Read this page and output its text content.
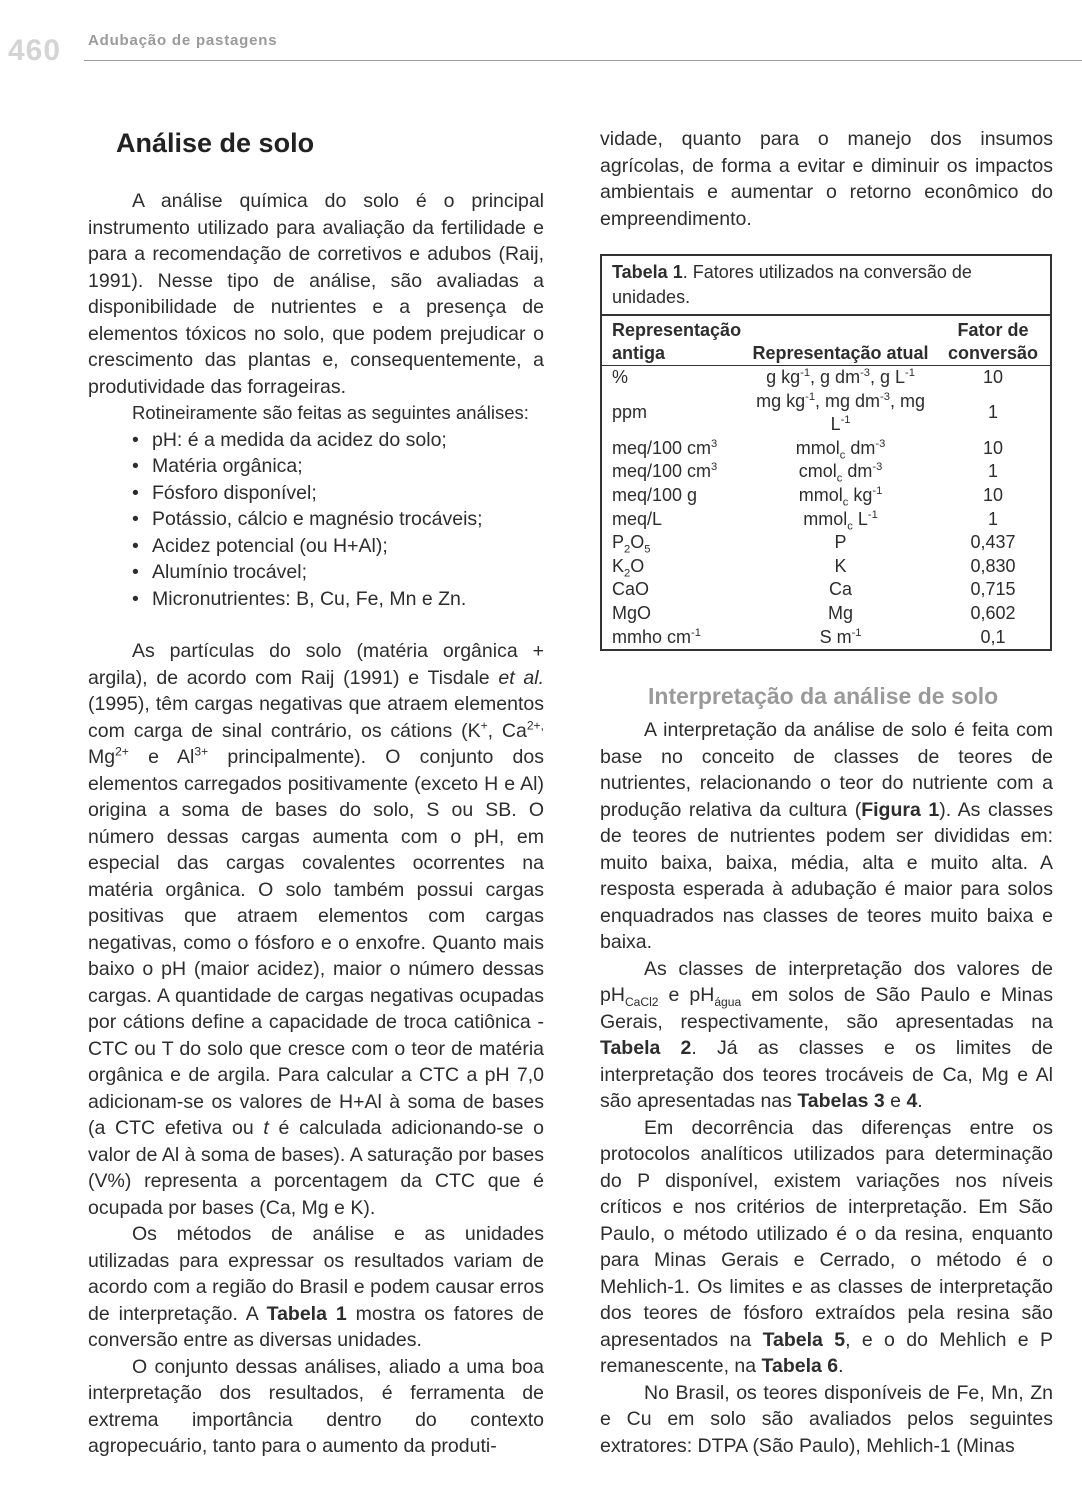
460 Adubação de pastagens
Análise de solo

A análise química do solo é o principal instrumento utilizado para avaliação da fertilidade e para a recomendação de corretivos e adubos (Raij, 1991). Nesse tipo de análise, são avaliadas a disponibilidade de nutrientes e a presença de elementos tóxicos no solo, que podem prejudicar o crescimento das plantas e, consequentemente, a produtividade das forrageiras.

Rotineiramente são feitas as seguintes análises:

• pH: é a medida da acidez do solo;
• Matéria orgânica;
• Fósforo disponível;
• Potássio, cálcio e magnésio trocáveis;
• Acidez potencial (ou H+Al);
• Alumínio trocável;
• Micronutrientes: B, Cu, Fe, Mn e Zn.

As partículas do solo (matéria orgânica + argila), de acordo com Raij (1991) e Tisdale et al. (1995), têm cargas negativas que atraem elementos com carga de sinal contrário, os cátions (K+, $Ca^{2+,}$ $Mg^{2+}$ e $Al^{3+}$ principalmente). O conjunto dos elementos carregados positivamente (exceto H e Al) origina a soma de bases do solo, S ou SB. O número dessas cargas aumenta com o pH, em especial das cargas covalentes ocorrentes na matéria orgânica. O solo também possui cargas positivas que atraem elementos com cargas negativas, como o fósforo e o enxofre. Quanto mais baixo o pH (maior acidez), maior o número dessas cargas. A quantidade de cargas negativas ocupadas por cátions define a capacidade de troca catiônica - CTC ou T do solo que cresce com o teor de matéria orgânica e de argila. Para calcular a CTC a pH 7,0 adicionam-se os valores de H+Al à soma de bases (a CTC efetiva ou t é calculada adicionando-se o valor de Al à soma de bases). A saturação por bases (V%) representa a porcentagem da CTC que é ocupada por bases (Ca, Mg e K).

Os métodos de análise e as unidades utilizadas para expressar os resultados variam de acordo com a região do Brasil e podem causar erros de interpretação. A Tabela 1 mostra os fatores de conversão entre as diversas unidades.

O conjunto dessas análises, aliado a uma boa interpretação dos resultados, é ferramenta de extrema importância dentro do contexto agropecuário, tanto para o aumento da produti-

vidade, quanto para o manejo dos insumos agrícolas, de forma a evitar e diminuir os impactos ambientais e aumentar o retorno econômico do empreendimento.

Tabela 1. Fatores utilizados na conversão de unidades.
Representação antiga	Representação atual	Fator de conversão
%	g $kg^{-1}$, g $dm^{-3}$, g $L^{-1}$	10
ppm	mg $kg^{-1}$, mg $dm^{-3}$, mg $L^{-1}$	1
meq/100 $cm^3$	mmol$_c$ $dm^{-3}$	10
meq/100 $cm^3$	cmol$_c$ $dm^{-3}$	1
meq/100 g	mmol$_c$ $kg^{-1}$	10
meq/L	mmol$_c$ $L^{-1}$	1
$P_2O_5$	P	0,437
$K_2O$	K	0,830
CaO	Ca	0,715
MgO	Mg	0,602
mmho $cm^{-1}$	S $m^{-1}$	0,1
Interpretação da análise de solo

A interpretação da análise de solo é feita com base no conceito de classes de teores de nutrientes, relacionando o teor do nutriente com a produção relativa da cultura (Figura 1). As classes de teores de nutrientes podem ser divididas em: muito baixa, baixa, média, alta e muito alta. A resposta esperada à adubação é maior para solos enquadrados nas classes de teores muito baixa e baixa.

As classes de interpretação dos valores de $pH_{CaCl2}$ e $pH_{água}$ em solos de São Paulo e Minas Gerais, respectivamente, são apresentadas na Tabela 2. Já as classes e os limites de interpretação dos teores trocáveis de Ca, Mg e Al são apresentadas nas Tabelas 3 e 4.

Em decorrência das diferenças entre os protocolos analíticos utilizados para determinação do P disponível, existem variações nos níveis críticos e nos critérios de interpretação. Em São Paulo, o método utilizado é o da resina, enquanto para Minas Gerais e Cerrado, o método é o Mehlich-1. Os limites e as classes de interpretação dos teores de fósforo extraídos pela resina são apresentados na Tabela 5, e o do Mehlich e P remanescente, na Tabela 6.

No Brasil, os teores disponíveis de Fe, Mn, Zn e Cu em solo são avaliados pelos seguintes extratores: DTPA (São Paulo), Mehlich-1 (Minas
